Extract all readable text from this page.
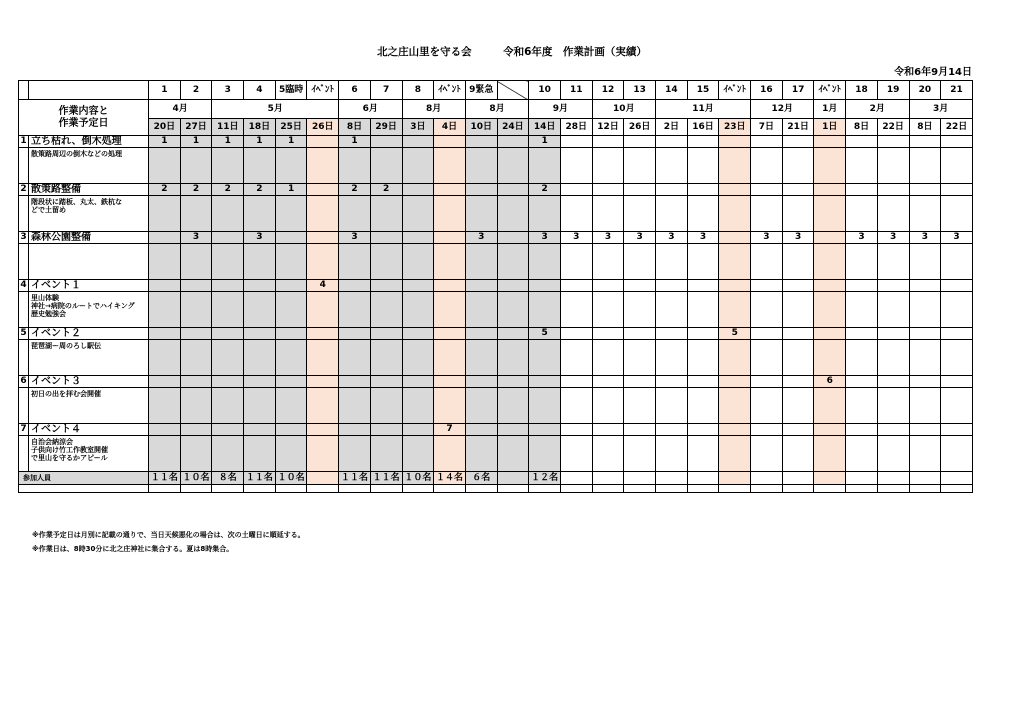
北之庄山里を守る会　　　令和6年度　作業計画（実績）
令和6年9月14日
		1	2	3	4	5臨時	ｲﾍﾞﾝﾄ	6	7	8	ｲﾍﾞﾝﾄ	9緊急		10	11	12	13	14	15	ｲﾍﾞﾝﾄ	16	17	ｲﾍﾞﾝﾄ	18	19	20	21
作業内容と
作業予定日		4月		5月				6月		8月		8月		9月		10月		11月			12月		1月	2月		3月	
		20日	27日	11日	18日	25日	26日	8日	29日	3日	4日	10日	24日	14日	28日	12日	26日	2日	16日	23日	7日	21日	1日	8日	22日	8日	22日
1	立ち枯れ、倒木処理	1	1	1	1	1		1						1													
	散策路周辺の倒木などの処理																										
2	散策路整備	2	2	2	2	1		2	2					2													
	階段状に踏板、丸太、鉄杭な
どで土留め																										
3	森林公園整備		3		3			3				3		3	3	3	3	3	3		3	3		3	3	3	3

4	イベント１						4																				
	里山体験
神社→病院のルートでハイキング
歴史勉強会																										
5	イベント２													5						5							
	琵琶湖ー周のろし駅伝																										
6	イベント３																						6				
	初日の出を拝む会開催																										
7	イベント４										7																
	自治会納涼会
子供向け竹工作教室開催
で里山を守るかアピール																										
参加人員		１１名	１０名	８名	１１名	１０名		１１名	１１名	１０名	１４名	６名		１２名													

※作業予定日は月別に記載の通りで、当日天候悪化の場合は、次の土曜日に順延する。
※作業日は、8時30分に北之庄神社に集合する。夏は8時集合。
